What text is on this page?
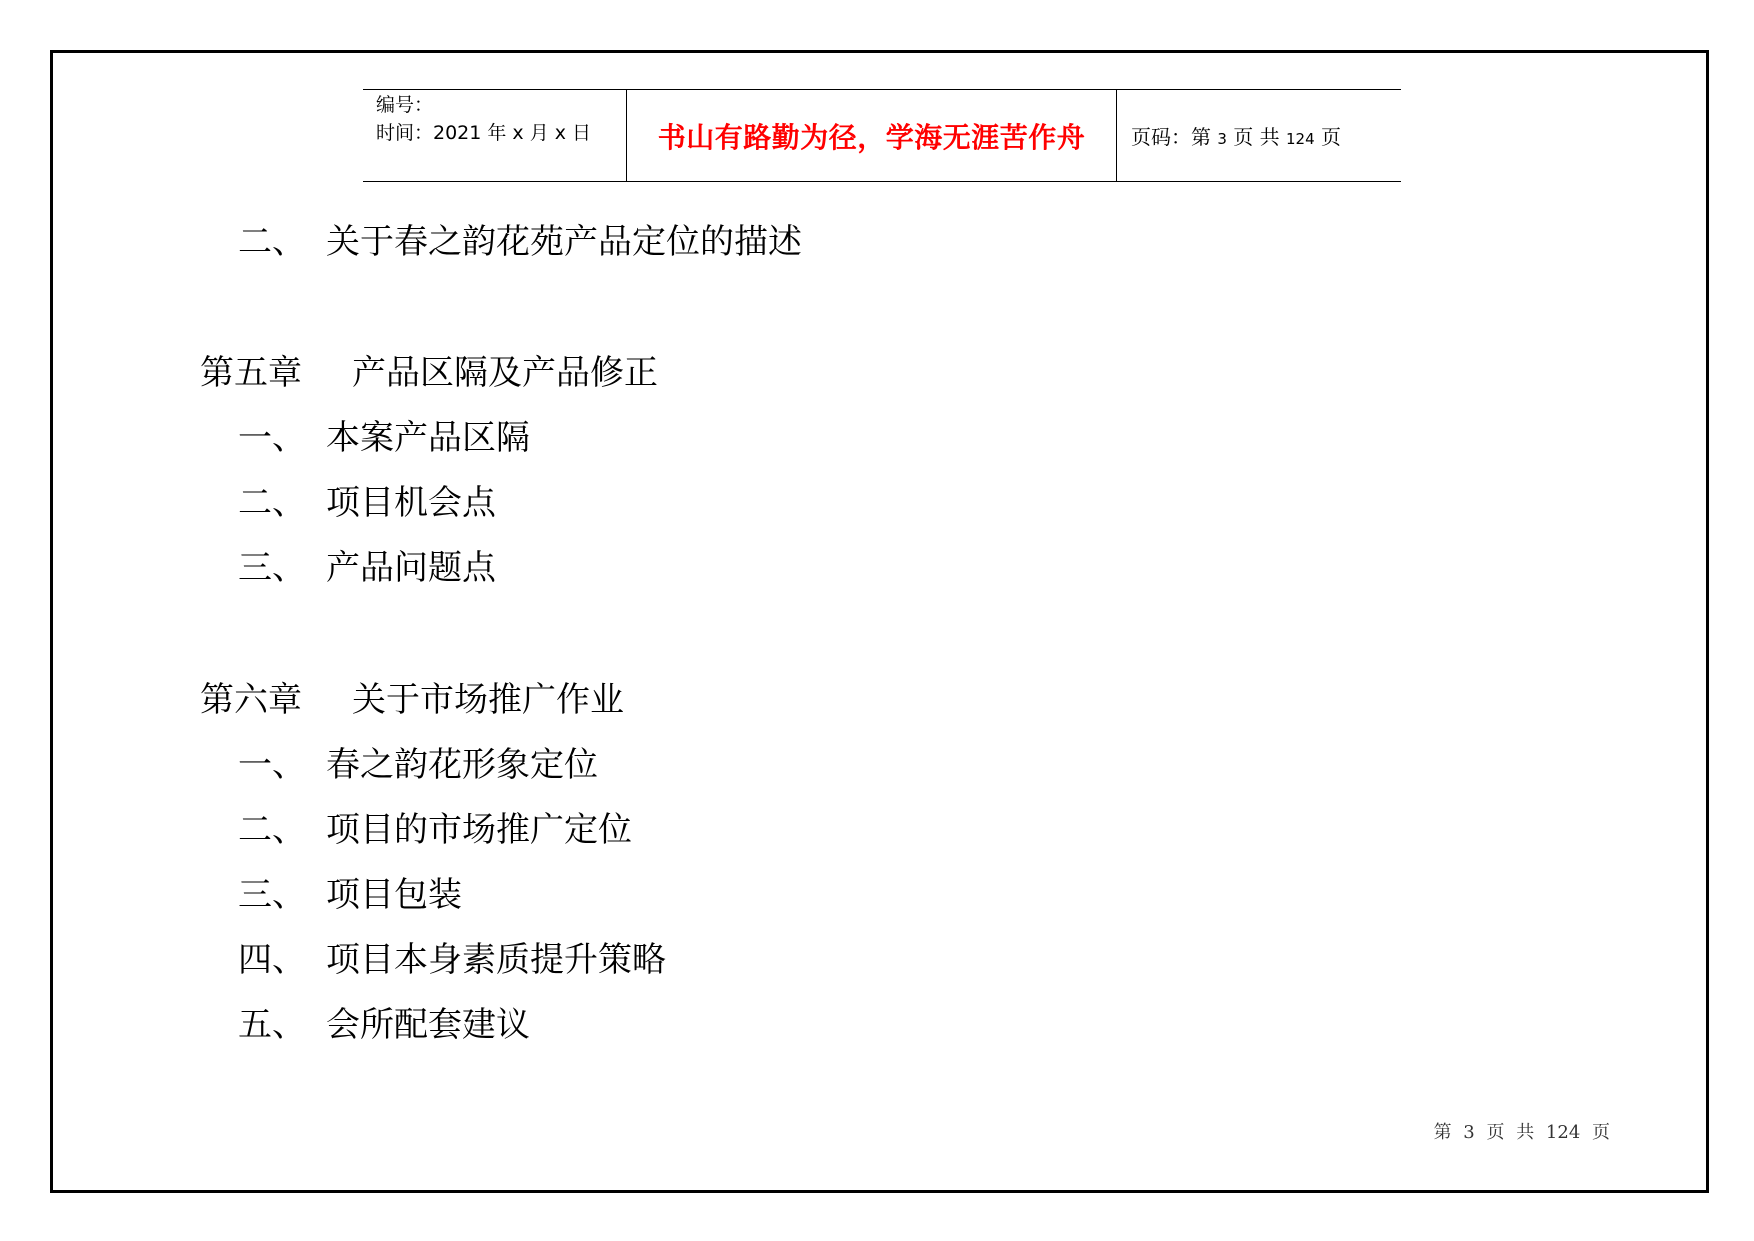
编号：
时间：2021 年 x 月 x 日 书山有路勤为径，学海无涯苦作舟 页码：第 3 页 共 124 页
二、 关于春之韵花苑产品定位的描述
第五章 产品区隔及产品修正
一、 本案产品区隔
二、 项目机会点
三、 产品问题点
第六章 关于市场推广作业
一、 春之韵花形象定位
二、 项目的市场推广定位
三、 项目包装
四、 项目本身素质提升策略
五、 会所配套建议
第 3 页 共 124 页
